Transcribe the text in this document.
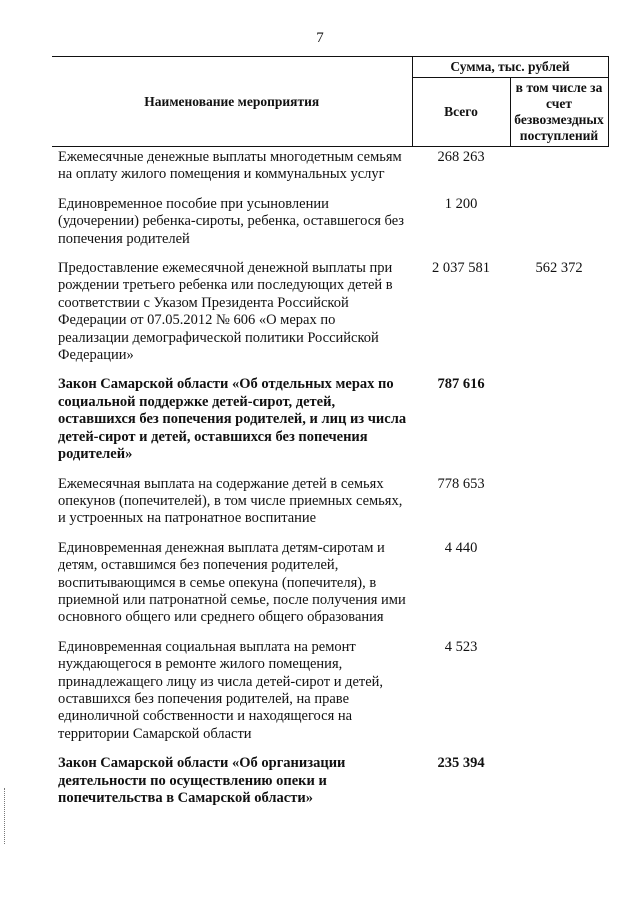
7
Наименование мероприятия	Сумма, тыс. рублей	
	Всего	в том числе за счет безвозмездных поступлений
Ежемесячные денежные выплаты многодетным семьям на оплату жилого помещения и коммунальных услуг	268 263	
Единовременное пособие при усыновлении (удочерении) ребенка-сироты, ребенка, оставшегося без попечения родителей	1 200	
Предоставление ежемесячной денежной выплаты при рождении третьего ребенка или последующих детей в соответствии с Указом Президента Российской Федерации от 07.05.2012 № 606 «О мерах по реализации демографической политики Российской Федерации»	2 037 581	562 372
Закон Самарской области «Об отдельных мерах по социальной поддержке детей-сирот, детей, оставшихся без попечения родителей, и лиц из числа детей-сирот и детей, оставшихся без попечения родителей»	787 616	
Ежемесячная выплата на содержание детей в семьях опекунов (попечителей), в том числе приемных семьях, и устроенных на патронатное воспитание	778 653	
Единовременная денежная выплата детям-сиротам и детям, оставшимся без попечения родителей, воспитывающимся в семье опекуна (попечителя), в приемной или патронатной семье, после получения ими основного общего или среднего общего образования	4 440	
Единовременная социальная выплата на ремонт нуждающегося в ремонте жилого помещения, принадлежащего лицу из числа детей-сирот и детей, оставшихся без попечения родителей, на праве единоличной собственности и находящегося на территории Самарской области	4 523	
Закон Самарской области «Об организации деятельности по осуществлению опеки и попечительства в Самарской области»	235 394	
